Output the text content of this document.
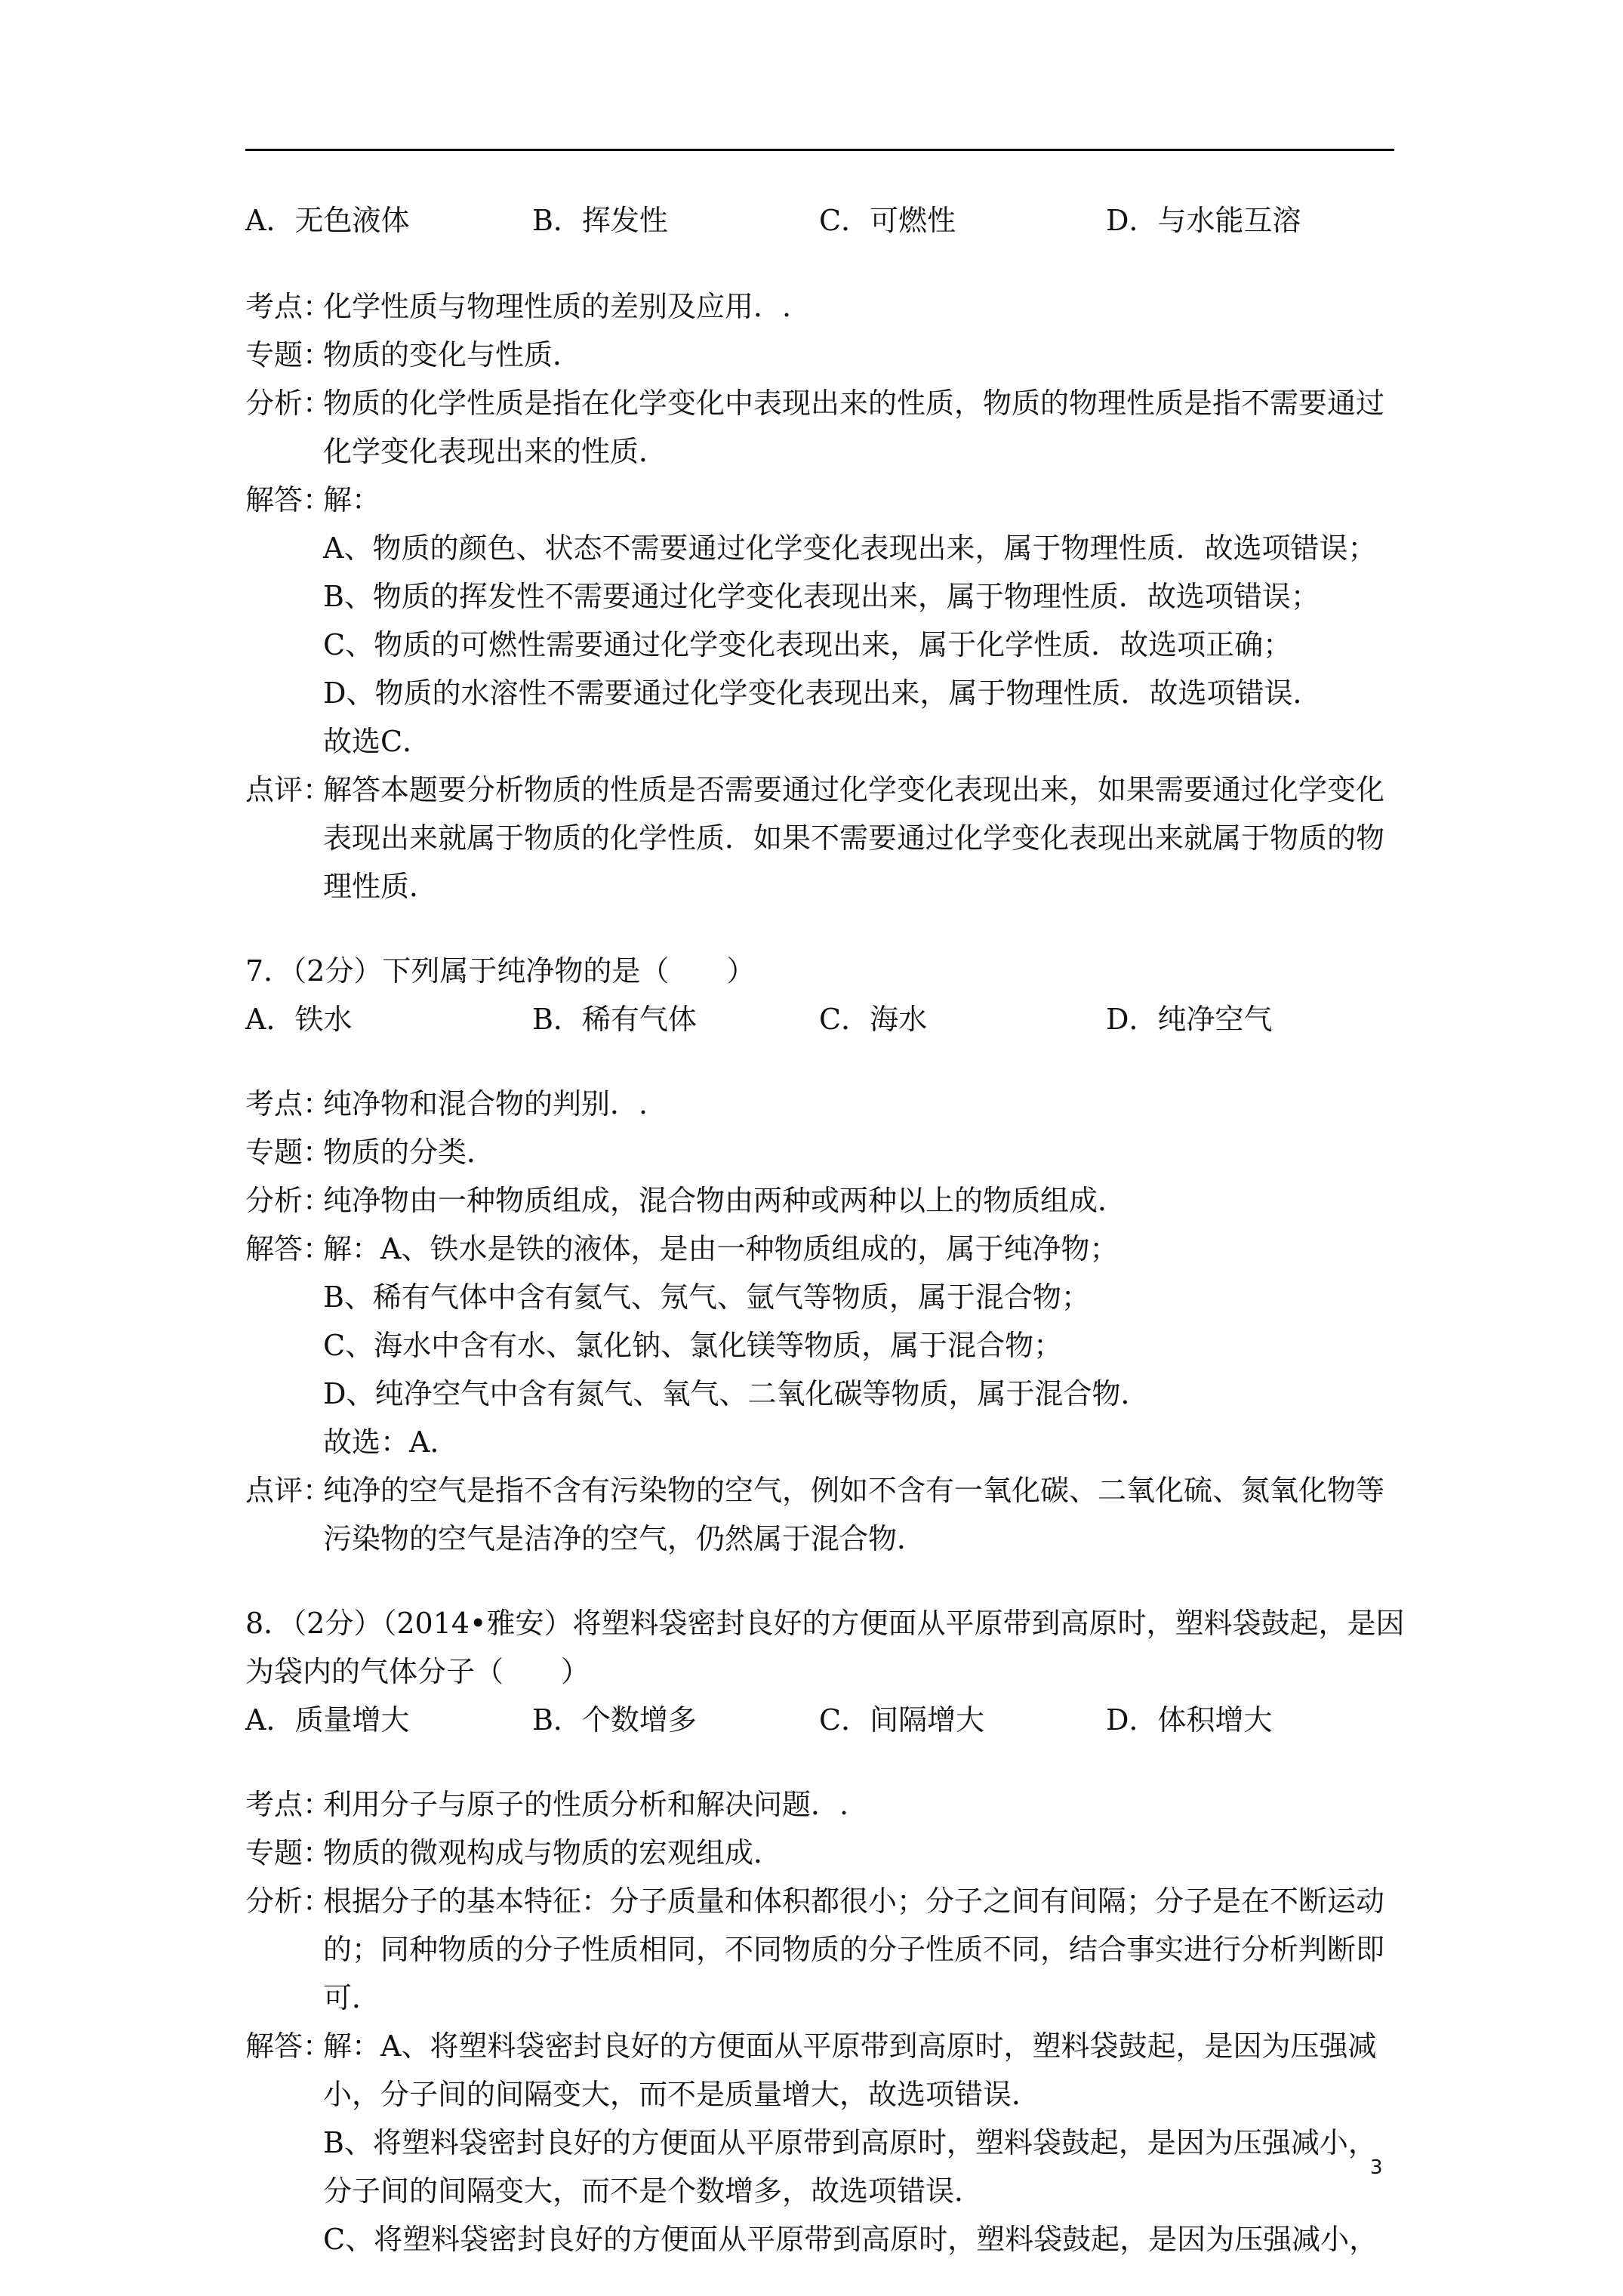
A．无色液体	B．挥发性	C．可燃性	D．与水能互溶
考点：
化学性质与物理性质的差别及应用．.
专题：
物质的变化与性质．
分析：
物质的化学性质是指在化学变化中表现出来的性质，物质的物理性质是指不需要通过
化学变化表现出来的性质．
解答：
解：
A、物质的颜色、状态不需要通过化学变化表现出来，属于物理性质．故选项错误；
B、物质的挥发性不需要通过化学变化表现出来，属于物理性质．故选项错误；
C、物质的可燃性需要通过化学变化表现出来，属于化学性质．故选项正确；
D、物质的水溶性不需要通过化学变化表现出来，属于物理性质．故选项错误．
故选C．
点评：
解答本题要分析物质的性质是否需要通过化学变化表现出来，如果需要通过化学变化
表现出来就属于物质的化学性质．如果不需要通过化学变化表现出来就属于物质的物
理性质．
7．（2分）下列属于纯净物的是（　　）
A．铁水	B．稀有气体	C．海水	D．纯净空气
考点：
纯净物和混合物的判别．.
专题：
物质的分类．
分析：
纯净物由一种物质组成，混合物由两种或两种以上的物质组成．
解答：
解：A、铁水是铁的液体，是由一种物质组成的，属于纯净物；
B、稀有气体中含有氦气、氖气、氩气等物质，属于混合物；
C、海水中含有水、氯化钠、氯化镁等物质，属于混合物；
D、纯净空气中含有氮气、氧气、二氧化碳等物质，属于混合物．
故选：A．
点评：
纯净的空气是指不含有污染物的空气，例如不含有一氧化碳、二氧化硫、氮氧化物等
污染物的空气是洁净的空气，仍然属于混合物．
8．（2分）（2014•雅安）将塑料袋密封良好的方便面从平原带到高原时，塑料袋鼓起，是因
为袋内的气体分子（　　）
A．质量增大	B．个数增多	C．间隔增大	D．体积增大
考点：
利用分子与原子的性质分析和解决问题．.
专题：
物质的微观构成与物质的宏观组成．
分析：
根据分子的基本特征：分子质量和体积都很小；分子之间有间隔；分子是在不断运动
的；同种物质的分子性质相同，不同物质的分子性质不同，结合事实进行分析判断即
可．
解答：
解：A、将塑料袋密封良好的方便面从平原带到高原时，塑料袋鼓起，是因为压强减
小，分子间的间隔变大，而不是质量增大，故选项错误．
B、将塑料袋密封良好的方便面从平原带到高原时，塑料袋鼓起，是因为压强减小，
分子间的间隔变大，而不是个数增多，故选项错误．
C、将塑料袋密封良好的方便面从平原带到高原时，塑料袋鼓起，是因为压强减小，
3
